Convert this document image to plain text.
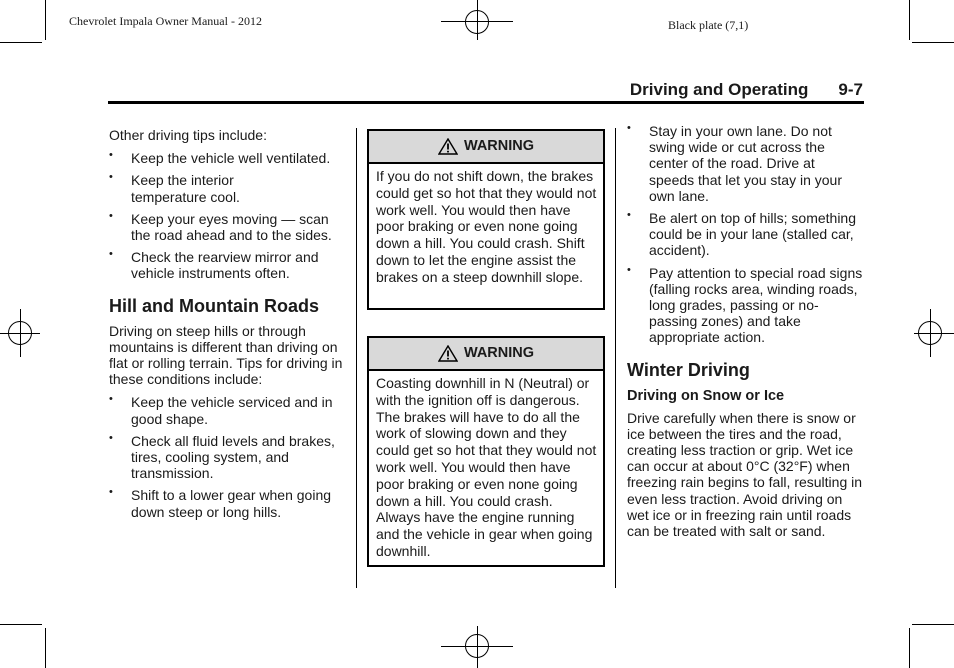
Chevrolet Impala Owner Manual - 2012	Black plate (7,1)
Driving and Operating 9-7

Other driving tips include:

• Keep the vehicle well ventilated.
• Keep the interior temperature cool.
• Keep your eyes moving — scan the road ahead and to the sides.
• Check the rearview mirror and vehicle instruments often.
Hill and Mountain Roads

Driving on steep hills or through mountains is different than driving on flat or rolling terrain. Tips for driving in these conditions include:

• Keep the vehicle serviced and in good shape.
• Check all fluid levels and brakes, tires, cooling system, and transmission.
• Shift to a lower gear when going down steep or long hills.
WARNING
If you do not shift down, the brakes could get so hot that they would not work well. You would then have poor braking or even none going down a hill. You could crash. Shift down to let the engine assist the brakes on a steep downhill slope.
WARNING
Coasting downhill in N (Neutral) or with the ignition off is dangerous. The brakes will have to do all the work of slowing down and they could get so hot that they would not work well. You would then have poor braking or even none going down a hill. You could crash. Always have the engine running and the vehicle in gear when going downhill.
• Stay in your own lane. Do not swing wide or cut across the center of the road. Drive at speeds that let you stay in your own lane.
• Be alert on top of hills; something could be in your lane (stalled car, accident).
• Pay attention to special road signs (falling rocks area, winding roads, long grades, passing or no-passing zones) and take appropriate action.
Winter Driving
Driving on Snow or Ice

Drive carefully when there is snow or ice between the tires and the road, creating less traction or grip. Wet ice can occur at about 0°C (32°F) when freezing rain begins to fall, resulting in even less traction. Avoid driving on wet ice or in freezing rain until roads can be treated with salt or sand.
